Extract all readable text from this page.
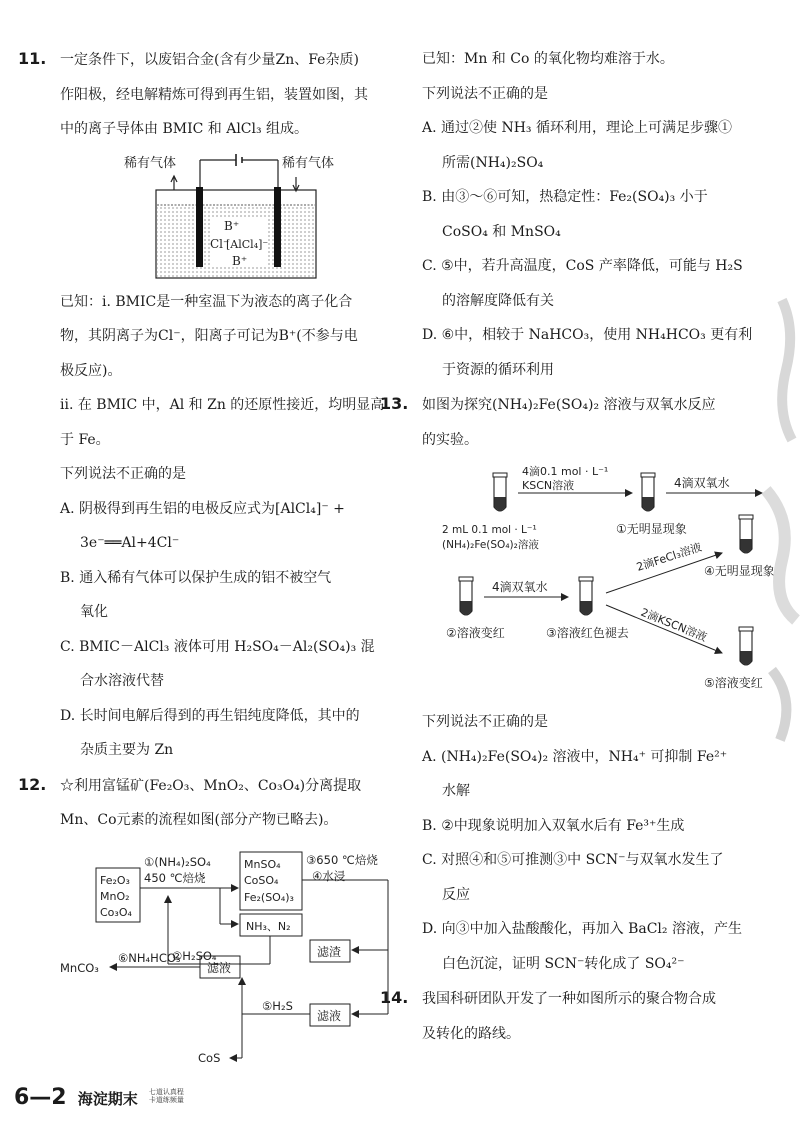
11. 一定条件下，以废铝合金(含有少量Zn、Fe杂质)
作阳极，经电解精炼可得到再生铝，装置如图，其
中的离子导体由 BMIC 和 AlCl₃ 组成。
稀有气体	稀有气体
B⁺
Cl⁻
[AlCl₄]⁻
B⁺
已知：ⅰ. BMIC是一种室温下为液态的离子化合
物，其阴离子为Cl⁻，阳离子可记为B⁺(不参与电
极反应)。
ⅱ. 在 BMIC 中，Al 和 Zn 的还原性接近，均明显高
于 Fe。
下列说法不正确的是
A. 阴极得到再生铝的电极反应式为[AlCl₄]⁻ +
3e⁻══Al+4Cl⁻
B. 通入稀有气体可以保护生成的铝不被空气
氧化
C. BMIC－AlCl₃ 液体可用 H₂SO₄－Al₂(SO₄)₃ 混
合水溶液代替
D. 长时间电解后得到的再生铝纯度降低，其中的
杂质主要为 Zn
12. ☆利用富锰矿(Fe₂O₃、MnO₂、Co₃O₄)分离提取
Mn、Co元素的流程如图(部分产物已略去)。
Fe₂O₃
MnO₂
Co₃O₄
①(NH₄)₂SO₄
450 ℃焙烧
MnSO₄
CoSO₄
Fe₂(SO₄)₃
③650 ℃焙烧
④水浸
NH₃、N₂
②H₂SO₄	滤渣
滤液
⑤H₂S
CoS
滤液
⑥NH₄HCO₃
MnCO₃
已知：Mn 和 Co 的氧化物均难溶于水。
下列说法不正确的是
A. 通过②使 NH₃ 循环利用，理论上可满足步骤①
所需(NH₄)₂SO₄
B. 由③～⑥可知，热稳定性：Fe₂(SO₄)₃ 小于
CoSO₄ 和 MnSO₄
C. ⑤中，若升高温度，CoS 产率降低，可能与 H₂S
的溶解度降低有关
D. ⑥中，相较于 NaHCO₃，使用 NH₄HCO₃ 更有利
于资源的循环利用
13. 如图为探究(NH₄)₂Fe(SO₄)₂ 溶液与双氧水反应
的实验。
2 mL 0.1 mol · L⁻¹
(NH₄)₂Fe(SO₄)₂溶液
4滴0.1 mol · L⁻¹
KSCN溶液
①无明显现象
4滴双氧水
②溶液变红
4滴双氧水
③溶液红色褪去
2滴FeCl₃溶液
2滴KSCN溶液
④无明显现象
⑤溶液变红
下列说法不正确的是
A. (NH₄)₂Fe(SO₄)₂ 溶液中，NH₄⁺ 可抑制 Fe²⁺
水解
B. ②中现象说明加入双氧水后有 Fe³⁺生成
C. 对照④和⑤可推测③中 SCN⁻与双氧水发生了
反应
D. 向③中加入盐酸酸化，再加入 BaCl₂ 溶液，产生
白色沉淀，证明 SCN⁻转化成了 SO₄²⁻
14. 我国科研团队开发了一种如图所示的聚合物合成
及转化的路线。
6—2 海淀期末 七道认真程
卡道练频量
